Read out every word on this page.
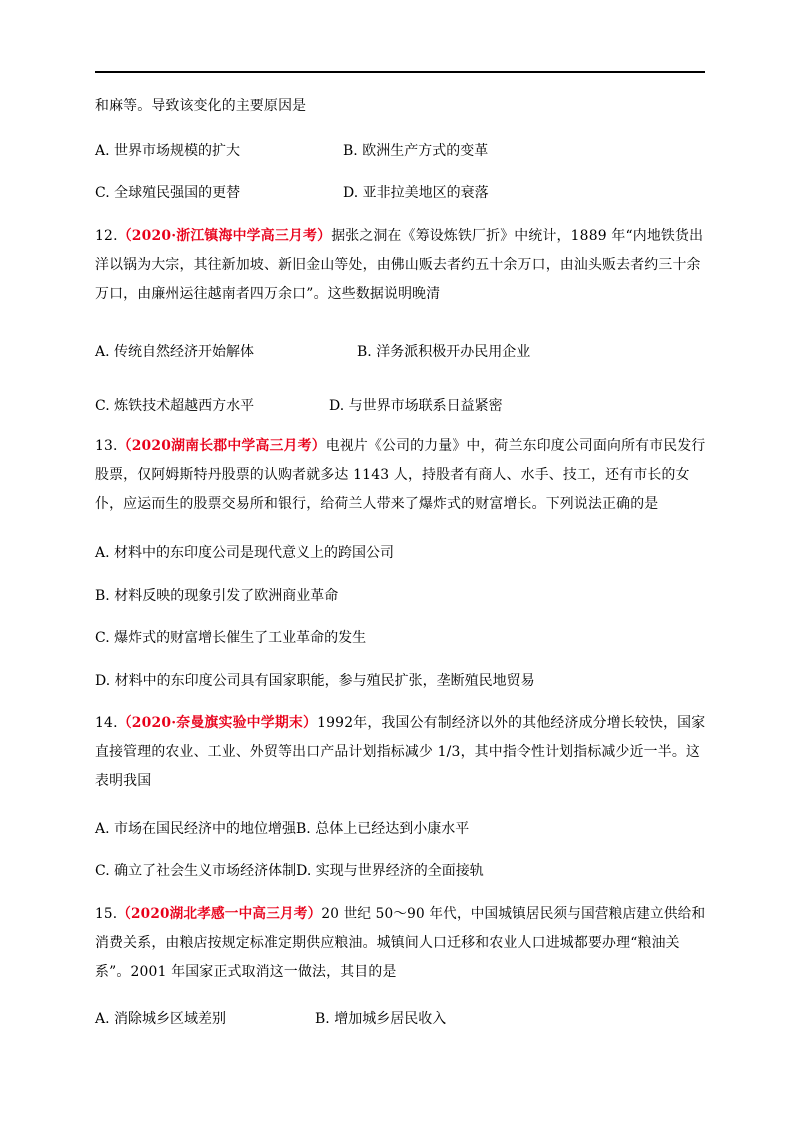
和麻等。导致该变化的主要原因是
A. 世界市场规模的扩大	B. 欧洲生产方式的变革
C. 全球殖民强国的更替	D. 亚非拉美地区的衰落
12.（2020·浙江镇海中学高三月考）据张之洞在《筹设炼铁厂折》中统计，1889 年“内地铁货出
洋以锅为大宗，其往新加坡、新旧金山等处，由佛山贩去者约五十余万口，由汕头贩去者约三十余
万口，由廉州运往越南者四万余口”。这些数据说明晚清
A. 传统自然经济开始解体	B. 洋务派积极开办民用企业
C. 炼铁技术超越西方水平	D. 与世界市场联系日益紧密
13.（2020湖南长郡中学高三月考）电视片《公司的力量》中，荷兰东印度公司面向所有市民发行
股票，仅阿姆斯特丹股票的认购者就多达 1143 人，持股者有商人、水手、技工，还有市长的女
仆，应运而生的股票交易所和银行，给荷兰人带来了爆炸式的财富增长。下列说法正确的是
A. 材料中的东印度公司是现代意义上的跨国公司
B. 材料反映的现象引发了欧洲商业革命
C. 爆炸式的财富增长催生了工业革命的发生
D. 材料中的东印度公司具有国家职能，参与殖民扩张，垄断殖民地贸易
14.（2020·奈曼旗实验中学期末）1992年，我国公有制经济以外的其他经济成分增长较快，国家
直接管理的农业、工业、外贸等出口产品计划指标减少 1/3，其中指令性计划指标减少近一半。这
表明我国
A. 市场在国民经济中的地位增强B. 总体上已经达到小康水平
C. 确立了社会生义市场经济体制D. 实现与世界经济的全面接轨
15.（2020湖北孝感一中高三月考）20 世纪 50～90 年代，中国城镇居民须与国营粮店建立供给和
消费关系，由粮店按规定标准定期供应粮油。城镇间人口迁移和农业人口进城都要办理“粮油关
系”。2001 年国家正式取消这一做法，其目的是
A. 消除城乡区域差别	B. 增加城乡居民收入
